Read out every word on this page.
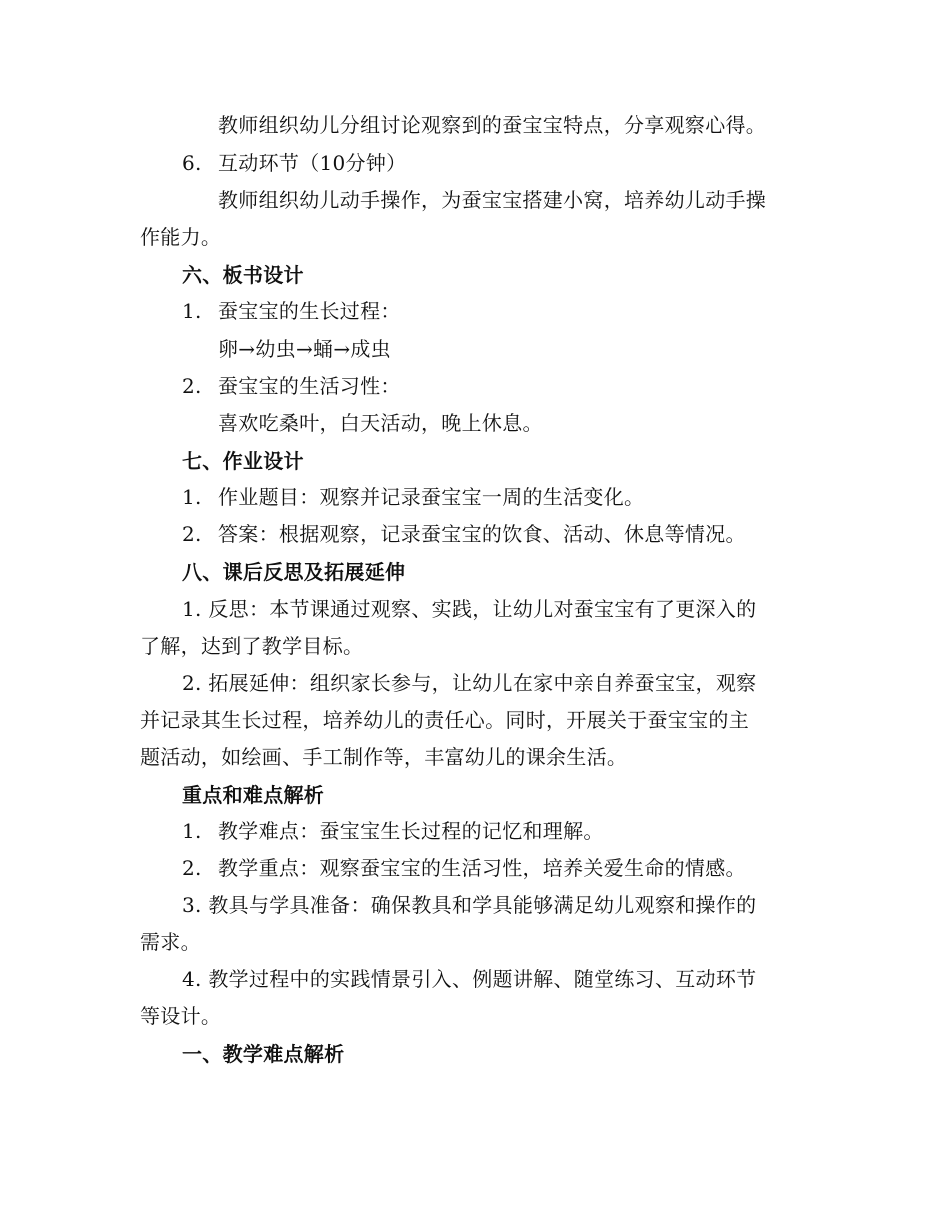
教师组织幼儿分组讨论观察到的蚕宝宝特点，分享观察心得。
6. 互动环节（10分钟）
教师组织幼儿动手操作，为蚕宝宝搭建小窝，培养幼儿动手操
作能力。
六、板书设计
1. 蚕宝宝的生长过程：
卵→幼虫→蛹→成虫
2. 蚕宝宝的生活习性：
喜欢吃桑叶，白天活动，晚上休息。
七、作业设计
1. 作业题目：观察并记录蚕宝宝一周的生活变化。
2. 答案：根据观察，记录蚕宝宝的饮食、活动、休息等情况。
八、课后反思及拓展延伸
1. 反思：本节课通过观察、实践，让幼儿对蚕宝宝有了更深入的
了解，达到了教学目标。
2. 拓展延伸：组织家长参与，让幼儿在家中亲自养蚕宝宝，观察
并记录其生长过程，培养幼儿的责任心。同时，开展关于蚕宝宝的主
题活动，如绘画、手工制作等，丰富幼儿的课余生活。
重点和难点解析
1. 教学难点：蚕宝宝生长过程的记忆和理解。
2. 教学重点：观察蚕宝宝的生活习性，培养关爱生命的情感。
3. 教具与学具准备：确保教具和学具能够满足幼儿观察和操作的
需求。
4. 教学过程中的实践情景引入、例题讲解、随堂练习、互动环节
等设计。
一、教学难点解析
